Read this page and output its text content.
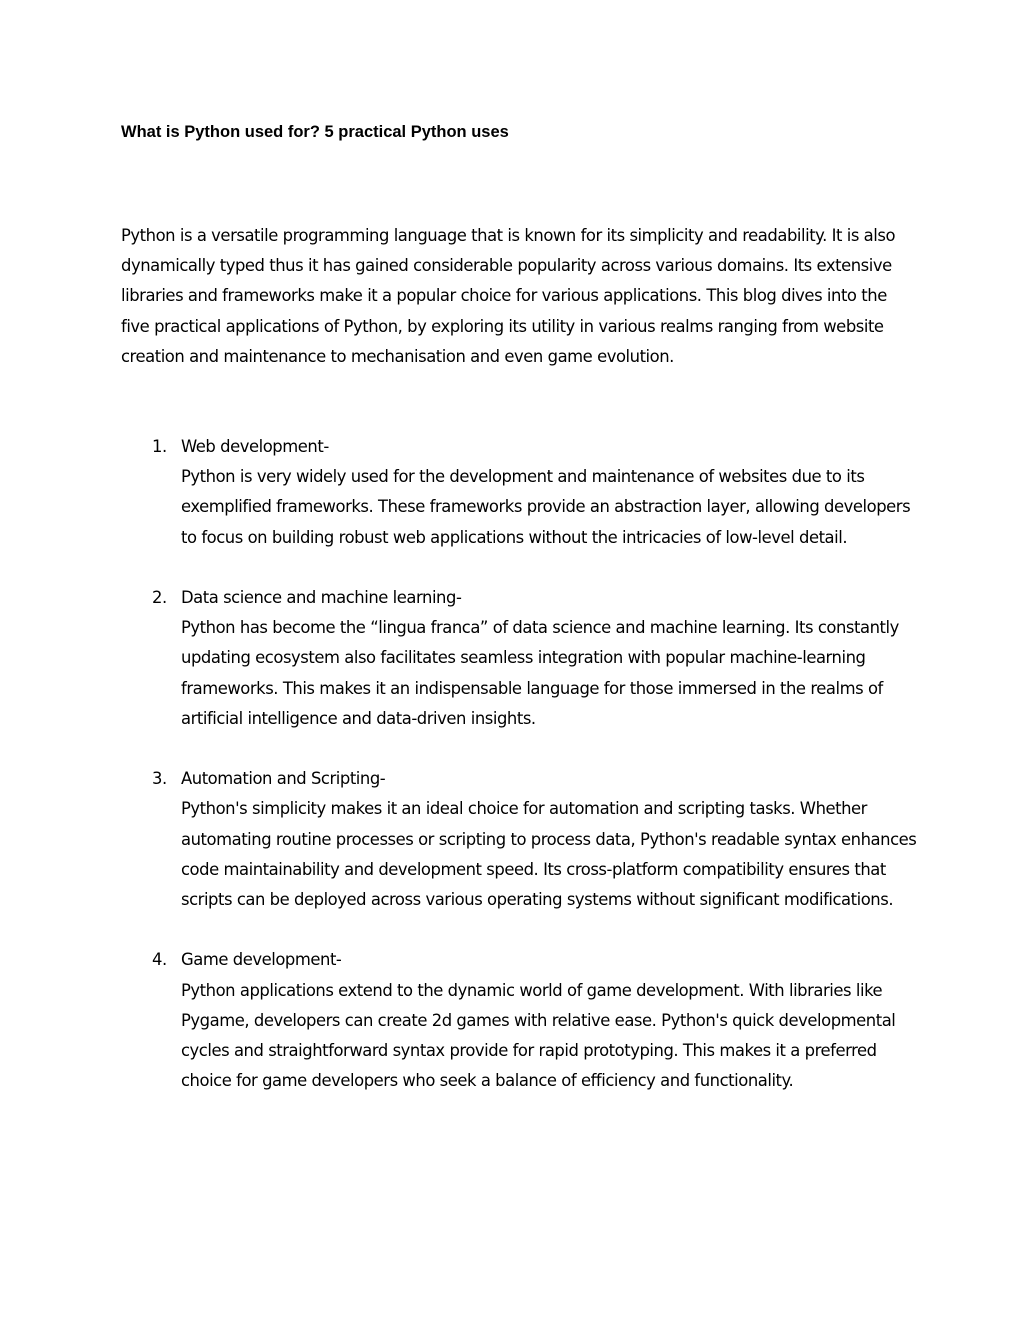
What is Python used for? 5 practical Python uses

Python is a versatile programming language that is known for its simplicity and readability. It is also dynamically typed thus it has gained considerable popularity across various domains. Its extensive libraries and frameworks make it a popular choice for various applications. This blog dives into the five practical applications of Python, by exploring its utility in various realms ranging from website creation and maintenance to mechanisation and even game evolution.

1. Web development-

Python is very widely used for the development and maintenance of websites due to its exemplified frameworks. These frameworks provide an abstraction layer, allowing developers to focus on building robust web applications without the intricacies of low-level detail.

2. Data science and machine learning-

Python has become the “lingua franca” of data science and machine learning. Its constantly updating ecosystem also facilitates seamless integration with popular machine-learning frameworks. This makes it an indispensable language for those immersed in the realms of artificial intelligence and data-driven insights.

3. Automation and Scripting-

Python's simplicity makes it an ideal choice for automation and scripting tasks. Whether automating routine processes or scripting to process data, Python's readable syntax enhances code maintainability and development speed. Its cross-platform compatibility ensures that scripts can be deployed across various operating systems without significant modifications.

4. Game development-

Python applications extend to the dynamic world of game development. With libraries like Pygame, developers can create 2d games with relative ease. Python's quick developmental cycles and straightforward syntax provide for rapid prototyping. This makes it a preferred choice for game developers who seek a balance of efficiency and functionality.
